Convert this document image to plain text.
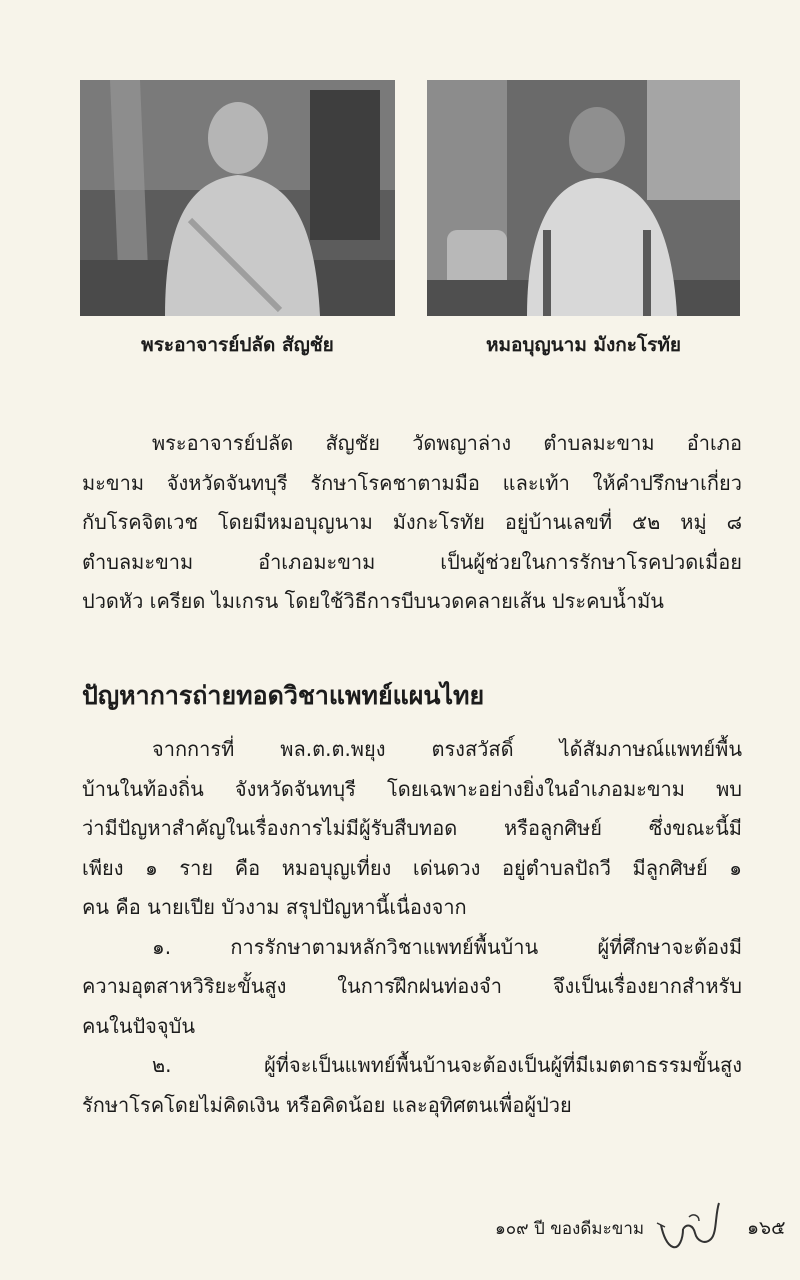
พระอาจารย์ปลัด สัญชัย	หมอบุญนาม มังกะโรทัย
พระอาจารย์ปลัด สัญชัย วัดพญาล่าง ตำบลมะขาม อำเภอ
มะขาม จังหวัดจันทบุรี รักษาโรคชาตามมือ และเท้า ให้คำปรึกษาเกี่ยว
กับโรคจิตเวช โดยมีหมอบุญนาม มังกะโรทัย อยู่บ้านเลขที่ ๕๒ หมู่ ๘
ตำบลมะขาม อำเภอมะขาม เป็นผู้ช่วยในการรักษาโรคปวดเมื่อย
ปวดหัว เครียด ไมเกรน โดยใช้วิธีการบีบนวดคลายเส้น ประคบน้ำมัน
ปัญหาการถ่ายทอดวิชาแพทย์แผนไทย
จากการที่ พล.ต.ต.พยุง ตรงสวัสดิ์ ได้สัมภาษณ์แพทย์พื้น
บ้านในท้องถิ่น จังหวัดจันทบุรี โดยเฉพาะอย่างยิ่งในอำเภอมะขาม พบ
ว่ามีปัญหาสำคัญในเรื่องการไม่มีผู้รับสืบทอด หรือลูกศิษย์ ซึ่งขณะนี้มี
เพียง ๑ ราย คือ หมอบุญเที่ยง เด่นดวง อยู่ตำบลปัถวี มีลูกศิษย์ ๑
คน คือ นายเปีย บัวงาม สรุปปัญหานี้เนื่องจาก
๑. การรักษาตามหลักวิชาแพทย์พื้นบ้าน ผู้ที่ศึกษาจะต้องมี
ความอุตสาหวิริยะขั้นสูง ในการฝึกฝนท่องจำ จึงเป็นเรื่องยากสำหรับ
คนในปัจจุบัน
๒. ผู้ที่จะเป็นแพทย์พื้นบ้านจะต้องเป็นผู้ที่มีเมตตาธรรมขั้นสูง
รักษาโรคโดยไม่คิดเงิน หรือคิดน้อย และอุทิศตนเพื่อผู้ป่วย
๑๐๙ ปี ของดีมะขาม	๑๖๕
